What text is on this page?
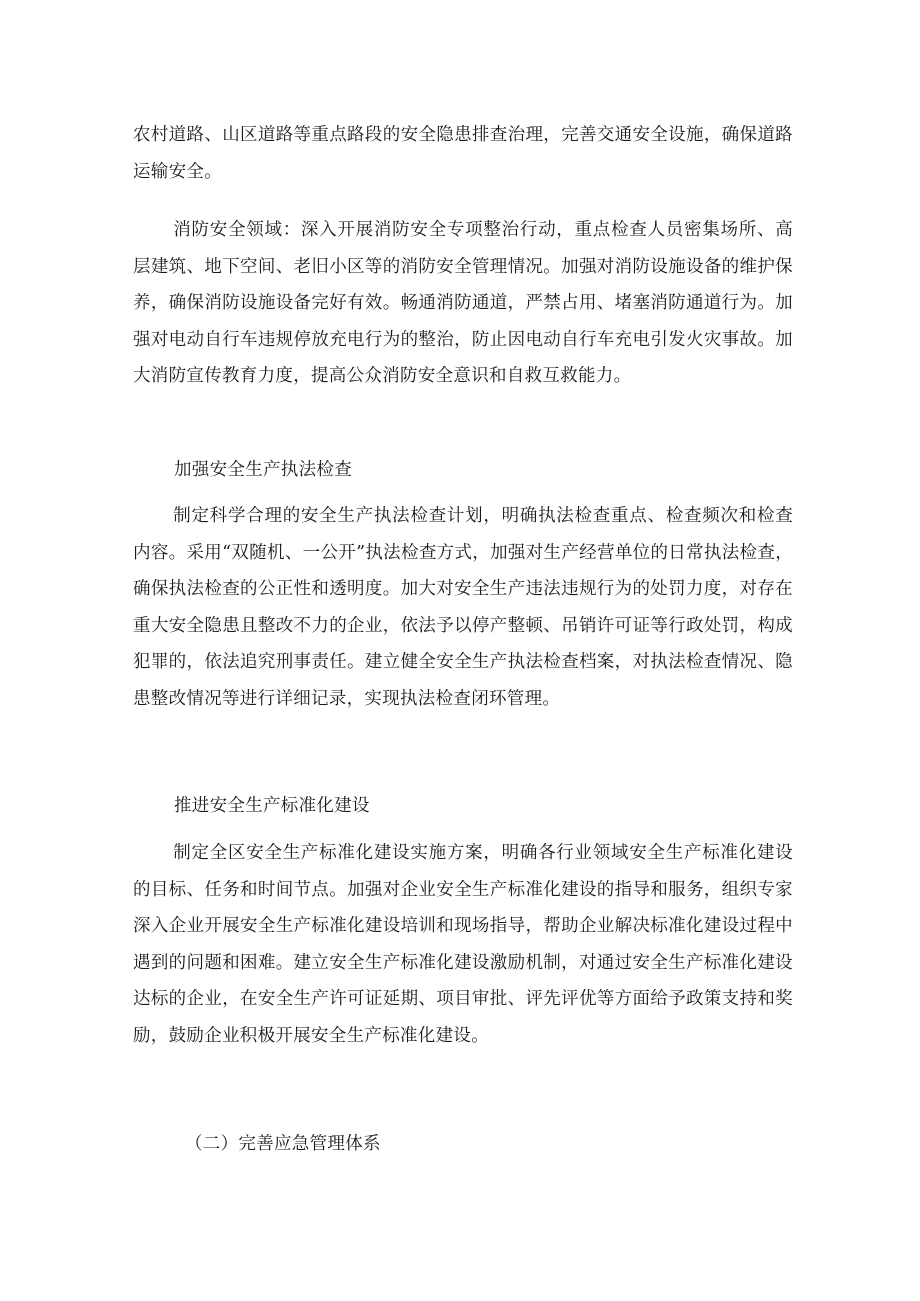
农村道路、山区道路等重点路段的安全隐患排查治理，完善交通安全设施，确保道路运输安全。

消防安全领域：深入开展消防安全专项整治行动，重点检查人员密集场所、高层建筑、地下空间、老旧小区等的消防安全管理情况。加强对消防设施设备的维护保养，确保消防设施设备完好有效。畅通消防通道，严禁占用、堵塞消防通道行为。加强对电动自行车违规停放充电行为的整治，防止因电动自行车充电引发火灾事故。加大消防宣传教育力度，提高公众消防安全意识和自救互救能力。

加强安全生产执法检查

制定科学合理的安全生产执法检查计划，明确执法检查重点、检查频次和检查内容。采用“双随机、一公开”执法检查方式，加强对生产经营单位的日常执法检查，确保执法检查的公正性和透明度。加大对安全生产违法违规行为的处罚力度，对存在重大安全隐患且整改不力的企业，依法予以停产整顿、吊销许可证等行政处罚，构成犯罪的，依法追究刑事责任。建立健全安全生产执法检查档案，对执法检查情况、隐患整改情况等进行详细记录，实现执法检查闭环管理。

推进安全生产标准化建设

制定全区安全生产标准化建设实施方案，明确各行业领域安全生产标准化建设的目标、任务和时间节点。加强对企业安全生产标准化建设的指导和服务，组织专家深入企业开展安全生产标准化建设培训和现场指导，帮助企业解决标准化建设过程中遇到的问题和困难。建立安全生产标准化建设激励机制，对通过安全生产标准化建设达标的企业，在安全生产许可证延期、项目审批、评先评优等方面给予政策支持和奖励，鼓励企业积极开展安全生产标准化建设。

（二）完善应急管理体系
